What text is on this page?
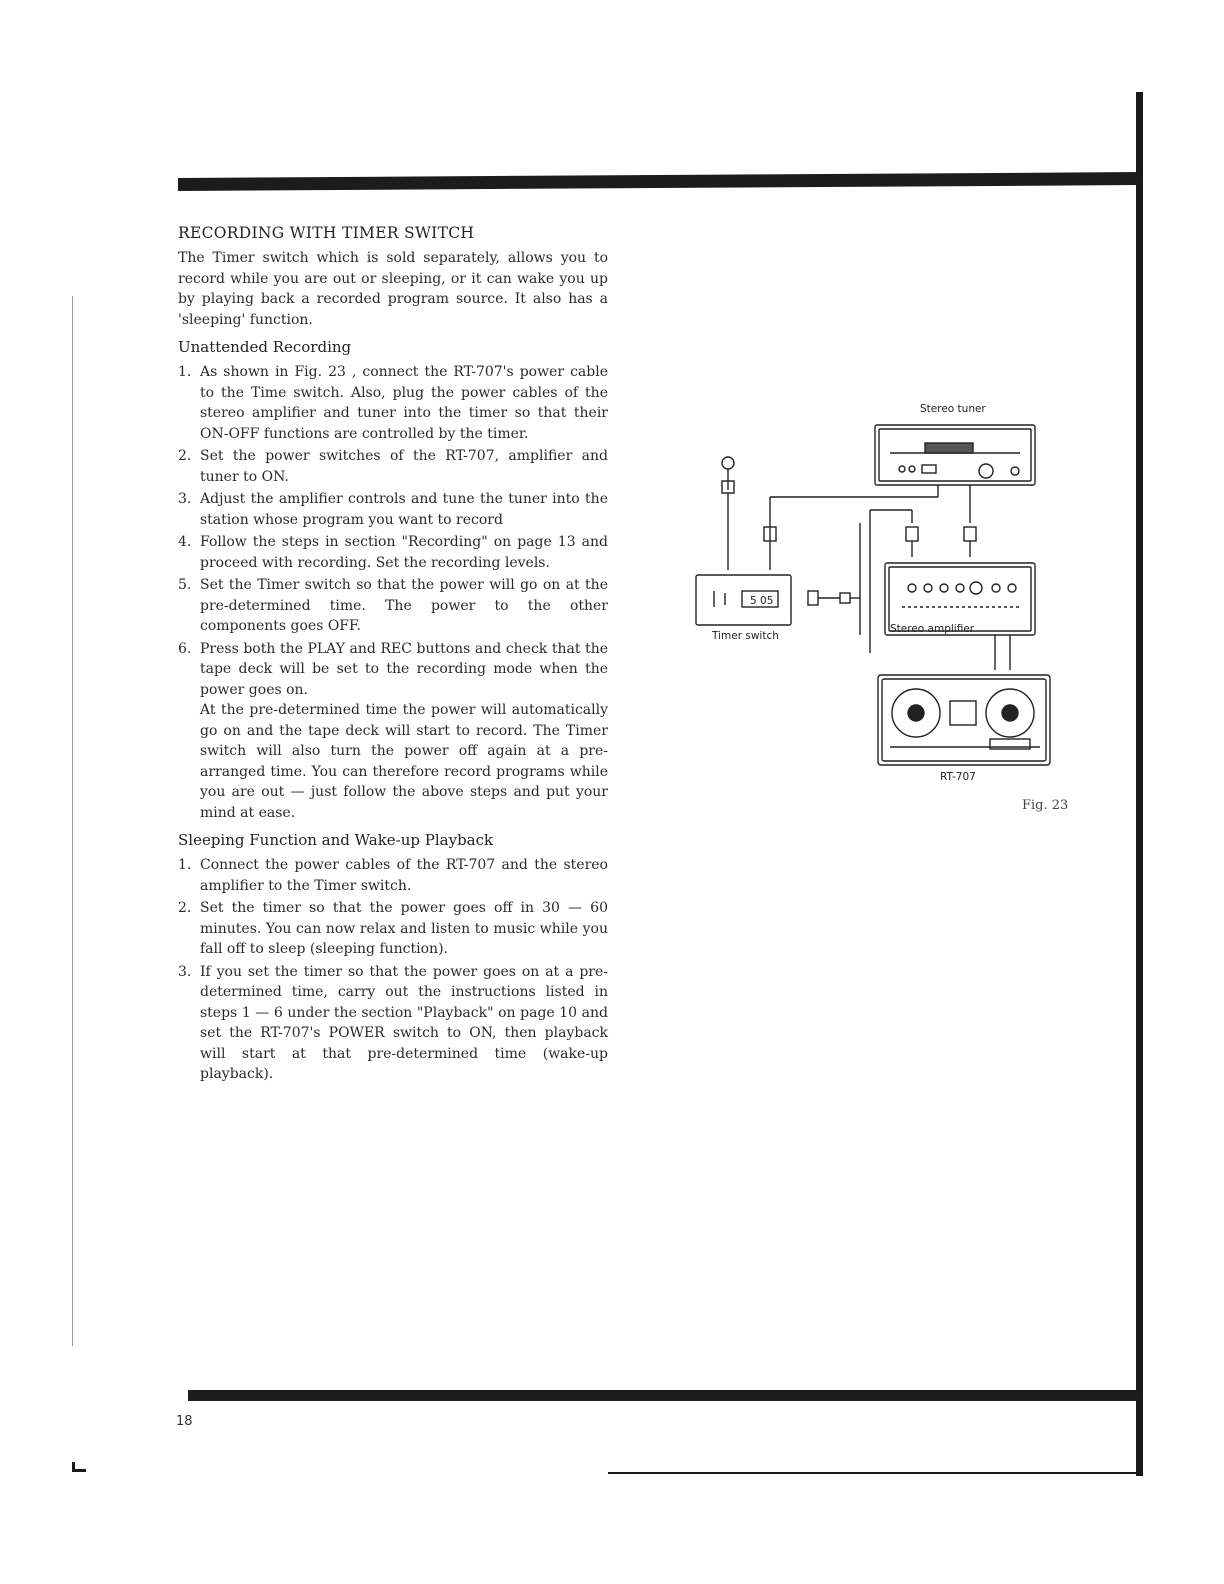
RECORDING WITH TIMER SWITCH

The Timer switch which is sold separately, allows you to record while you are out or sleeping, or it can wake you up by playing back a recorded program source. It also has a 'sleeping' function.

Unattended Recording
1. As shown in Fig. 23 , connect the RT-707's power cable to the Time switch. Also, plug the power cables of the stereo amplifier and tuner into the timer so that their ON-OFF functions are controlled by the timer.
2. Set the power switches of the RT-707, amplifier and tuner to ON.
3. Adjust the amplifier controls and tune the tuner into the station whose program you want to record
4. Follow the steps in section "Recording" on page 13 and proceed with recording. Set the recording levels.
5. Set the Timer switch so that the power will go on at the pre-determined time. The power to the other components goes OFF.
6. Press both the PLAY and REC buttons and check that the tape deck will be set to the recording mode when the power goes on.
At the pre-determined time the power will automatically go on and the tape deck will start to record. The Timer switch will also turn the power off again at a pre-arranged time. You can therefore record programs while you are out — just follow the above steps and put your mind at ease.
Sleeping Function and Wake-up Playback
1. Connect the power cables of the RT-707 and the stereo amplifier to the Timer switch.
2. Set the timer so that the power goes off in 30 — 60 minutes. You can now relax and listen to music while you fall off to sleep (sleeping function).
3. If you set the timer so that the power goes on at a pre-determined time, carry out the instructions listed in steps 1 — 6 under the section "Playback" on page 10 and set the RT-707's POWER switch to ON, then playback will start at that pre-determined time (wake-up playback).
5 05
Stereo tuner
Stereo amplifier
Timer switch
RT-707
Fig. 23
18
